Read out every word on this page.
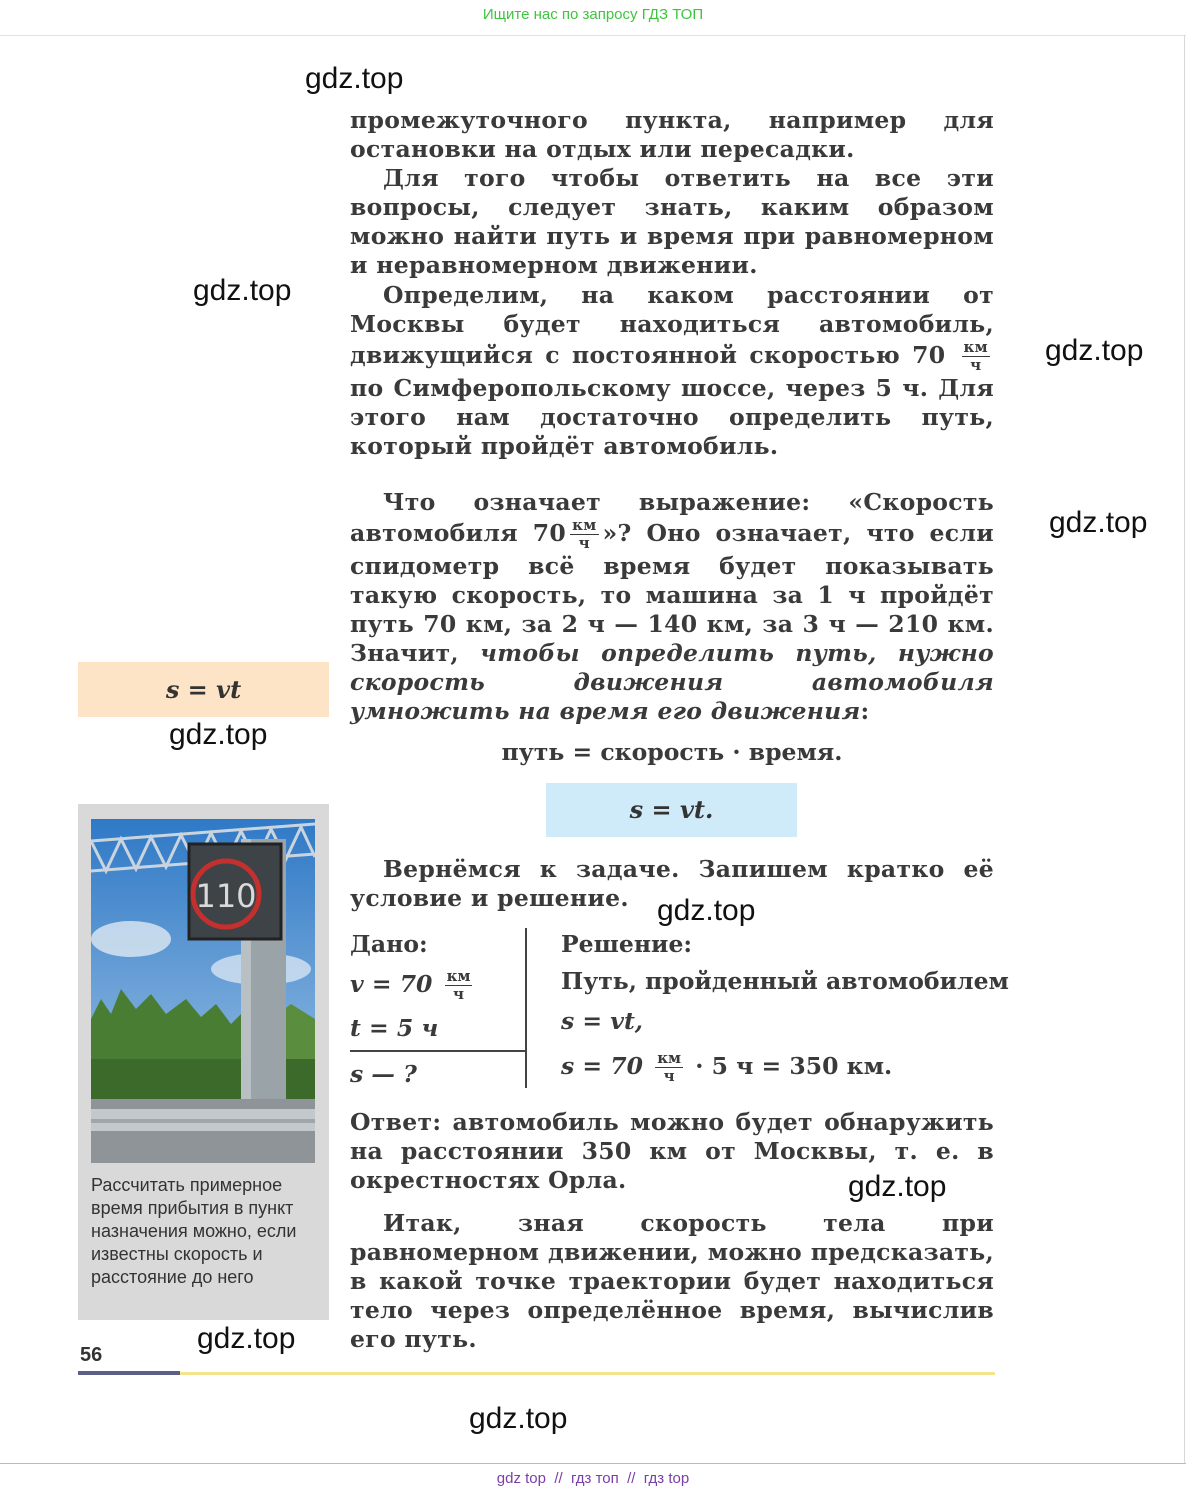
Ищите нас по запросу ГДЗ ТОП
gdz.top
gdz.top
gdz.top
gdz.top
gdz.top
gdz.top
gdz.top
gdz.top
gdz.top
промежуточного пункта, например для остановки на отдых или пересадки.
Для того чтобы ответить на все эти вопросы, следует знать, каким образом можно найти путь и время при равномерном и неравномерном движении.
Определим, на каком расстоянии от Москвы будет находиться автомобиль, движущийся с постоянной скоростью $70 \frac{км}{ч}$
по Симферопольскому шоссе, через 5 ч. Для этого нам достаточно определить путь, который пройдёт автомобиль.
Что означает выражение: «Скорость автомобиля $70 \frac{км}{ч}$ »? Оно означает, что если спидометр всё время будет показывать такую скорость, то машина за 1 ч пройдёт путь 70 км, за 2 ч — 140 км, за 3 ч — 210 км. Значит, чтобы определить путь, нужно скорость движения автомобиля умножить на время его движения:
s = vt
путь = скорость · время.
s = vt.
110
Рассчитать примерное время прибытия в пункт назначения можно, если известны скорость и расстояние до него
Вернёмся к задаче. Запишем кратко её условие и решение.
Дано:
$v = 70 \frac{км}{ч}$
t = 5 ч
s — ?
Решение:
Путь, пройденный автомобилем
s = vt,
$s = 70 \frac{км}{ч} \cdot 5$ ч = 350 км.
Ответ: автомобиль можно будет обнаружить на расстоянии 350 км от Москвы, т. е. в окрестностях Орла.
Итак, зная скорость тела при равномерном движении, можно предсказать, в какой точке траектории будет находиться тело через определённое время, вычислив его путь.
56
gdz top  //  гдз топ  //  гдз top
